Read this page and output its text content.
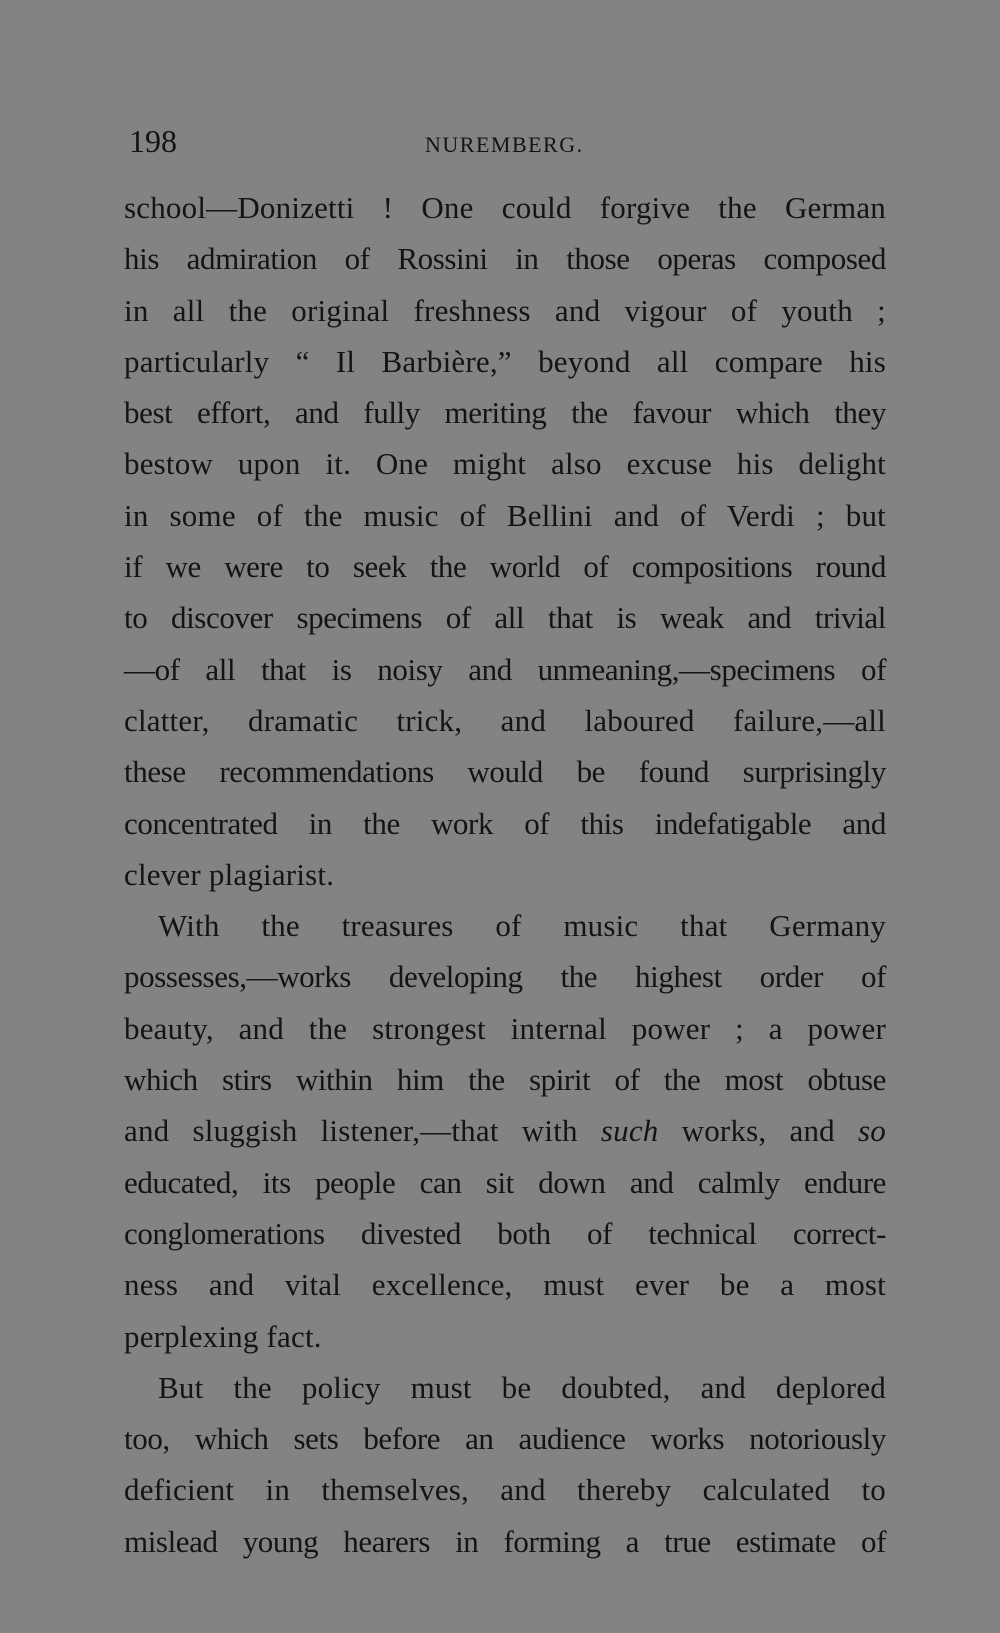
198	NUREMBERG.
school—Donizetti ! One could forgive the German
his admiration of Rossini in those operas composed
in all the original freshness and vigour of youth ;
particularly “ Il Barbière,” beyond all compare his
best effort, and fully meriting the favour which they
bestow upon it. One might also excuse his delight
in some of the music of Bellini and of Verdi ; but
if we were to seek the world of compositions round
to discover specimens of all that is weak and trivial
—of all that is noisy and unmeaning,—specimens of
clatter, dramatic trick, and laboured failure,—all
these recommendations would be found surprisingly
concentrated in the work of this indefatigable and
clever plagiarist.
With the treasures of music that Germany
possesses,—works developing the highest order of
beauty, and the strongest internal power ; a power
which stirs within him the spirit of the most obtuse
and sluggish listener,—that with such works, and so
educated, its people can sit down and calmly endure
conglomerations divested both of technical correct-
ness and vital excellence, must ever be a most
perplexing fact.
But the policy must be doubted, and deplored
too, which sets before an audience works notoriously
deficient in themselves, and thereby calculated to
mislead young hearers in forming a true estimate of
